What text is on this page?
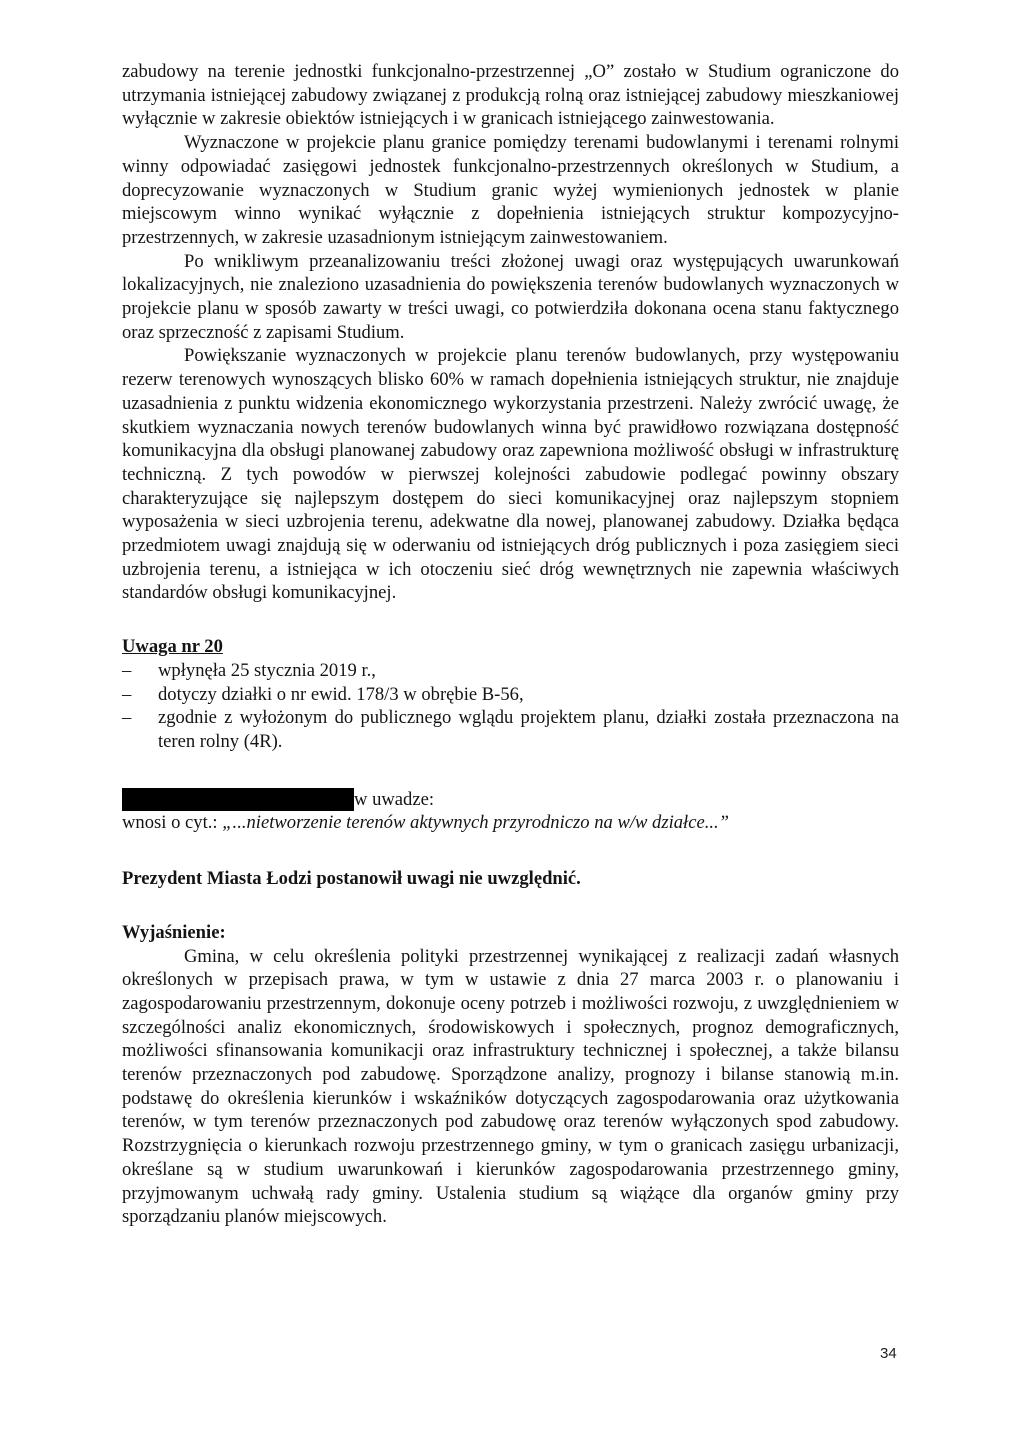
zabudowy na terenie jednostki funkcjonalno-przestrzennej „O” zostało w Studium ograniczone do utrzymania istniejącej zabudowy związanej z produkcją rolną oraz istniejącej zabudowy mieszkaniowej wyłącznie w zakresie obiektów istniejących i w granicach istniejącego zainwestowania.

Wyznaczone w projekcie planu granice pomiędzy terenami budowlanymi i terenami rolnymi winny odpowiadać zasięgowi jednostek funkcjonalno-przestrzennych określonych w Studium, a doprecyzowanie wyznaczonych w Studium granic wyżej wymienionych jednostek w planie miejscowym winno wynikać wyłącznie z dopełnienia istniejących struktur kompozycyjno-przestrzennych, w zakresie uzasadnionym istniejącym zainwestowaniem.

Po wnikliwym przeanalizowaniu treści złożonej uwagi oraz występujących uwarunkowań lokalizacyjnych, nie znaleziono uzasadnienia do powiększenia terenów budowlanych wyznaczonych w projekcie planu w sposób zawarty w treści uwagi, co potwierdziła dokonana ocena stanu faktycznego oraz sprzeczność z zapisami Studium.

Powiększanie wyznaczonych w projekcie planu terenów budowlanych, przy występowaniu rezerw terenowych wynoszących blisko 60% w ramach dopełnienia istniejących struktur, nie znajduje uzasadnienia z punktu widzenia ekonomicznego wykorzystania przestrzeni. Należy zwrócić uwagę, że skutkiem wyznaczania nowych terenów budowlanych winna być prawidłowo rozwiązana dostępność komunikacyjna dla obsługi planowanej zabudowy oraz zapewniona możliwość obsługi w infrastrukturę techniczną. Z tych powodów w pierwszej kolejności zabudowie podlegać powinny obszary charakteryzujące się najlepszym dostępem do sieci komunikacyjnej oraz najlepszym stopniem wyposażenia w sieci uzbrojenia terenu, adekwatne dla nowej, planowanej zabudowy. Działka będąca przedmiotem uwagi znajdują się w oderwaniu od istniejących dróg publicznych i poza zasięgiem sieci uzbrojenia terenu, a istniejąca w ich otoczeniu sieć dróg wewnętrznych nie zapewnia właściwych standardów obsługi komunikacyjnej.

Uwaga nr 20
– wpłynęła 25 stycznia 2019 r.,
– dotyczy działki o nr ewid. 178/3 w obrębie B-56,
– zgodnie z wyłożonym do publicznego wglądu projektem planu, działki została przeznaczona na teren rolny (4R).
w uwadze:

wnosi o cyt.: „...nietworzenie terenów aktywnych przyrodniczo na w/w działce...”

Prezydent Miasta Łodzi postanowił uwagi nie uwzględnić.
Wyjaśnienie:

Gmina, w celu określenia polityki przestrzennej wynikającej z realizacji zadań własnych określonych w przepisach prawa, w tym w ustawie z dnia 27 marca 2003 r. o planowaniu i zagospodarowaniu przestrzennym, dokonuje oceny potrzeb i możliwości rozwoju, z uwzględnieniem w szczególności analiz ekonomicznych, środowiskowych i społecznych, prognoz demograficznych, możliwości sfinansowania komunikacji oraz infrastruktury technicznej i społecznej, a także bilansu terenów przeznaczonych pod zabudowę. Sporządzone analizy, prognozy i bilanse stanowią m.in. podstawę do określenia kierunków i wskaźników dotyczących zagospodarowania oraz użytkowania terenów, w tym terenów przeznaczonych pod zabudowę oraz terenów wyłączonych spod zabudowy. Rozstrzygnięcia o kierunkach rozwoju przestrzennego gminy, w tym o granicach zasięgu urbanizacji, określane są w studium uwarunkowań i kierunków zagospodarowania przestrzennego gminy, przyjmowanym uchwałą rady gminy. Ustalenia studium są wiążące dla organów gminy przy sporządzaniu planów miejscowych.

34
